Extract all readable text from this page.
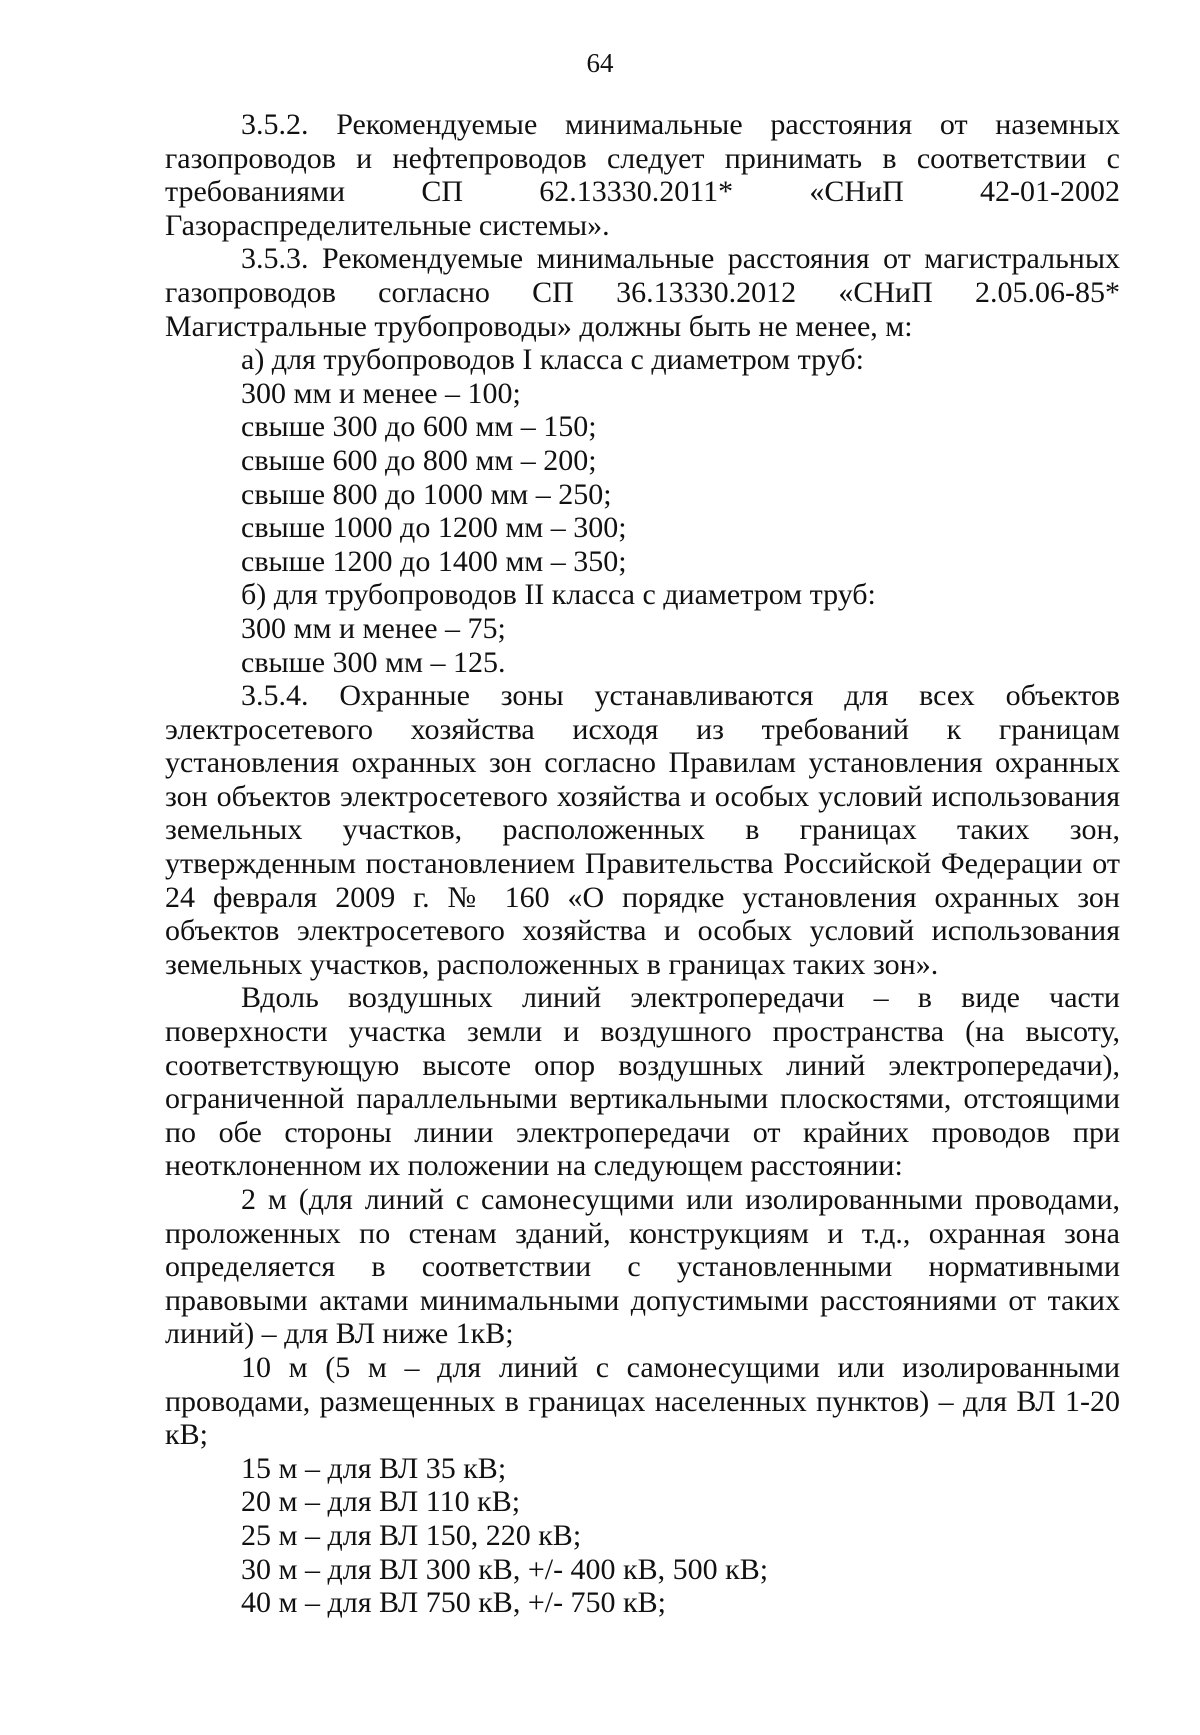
64

3.5.2. Рекомендуемые минимальные расстояния от наземных газопроводов и нефтепроводов следует принимать в соответствии с требованиями СП 62.13330.2011* «СНиП 42-01-2002 Газораспределительные системы».

3.5.3. Рекомендуемые минимальные расстояния от магистральных газопроводов согласно СП 36.13330.2012 «СНиП 2.05.06-85* Магистральные трубопроводы» должны быть не менее, м:

а) для трубопроводов I класса с диаметром труб:

300 мм и менее – 100;

свыше 300 до 600 мм – 150;

свыше 600 до 800 мм – 200;

свыше 800 до 1000 мм – 250;

свыше 1000 до 1200 мм – 300;

свыше 1200 до 1400 мм – 350;

б) для трубопроводов II класса с диаметром труб:

300 мм и менее – 75;

свыше 300 мм – 125.

3.5.4. Охранные зоны устанавливаются для всех объектов электросетевого хозяйства исходя из требований к границам установления охранных зон согласно Правилам установления охранных зон объектов электросетевого хозяйства и особых условий использования земельных участков, расположенных в границах таких зон, утвержденным постановлением Правительства Российской Федерации от 24 февраля 2009 г. № 160 «О порядке установления охранных зон объектов электросетевого хозяйства и особых условий использования земельных участков, расположенных в границах таких зон».

Вдоль воздушных линий электропередачи – в виде части поверхности участка земли и воздушного пространства (на высоту, соответствующую высоте опор воздушных линий электропередачи), ограниченной параллельными вертикальными плоскостями, отстоящими по обе стороны линии электропередачи от крайних проводов при неотклоненном их положении на следующем расстоянии:

2 м (для линий с самонесущими или изолированными проводами, проложенных по стенам зданий, конструкциям и т.д., охранная зона определяется в соответствии с установленными нормативными правовыми актами минимальными допустимыми расстояниями от таких линий) – для ВЛ ниже 1кВ;

10 м (5 м – для линий с самонесущими или изолированными проводами, размещенных в границах населенных пунктов) – для ВЛ 1-20 кВ;

15 м – для ВЛ 35 кВ;

20 м – для ВЛ 110 кВ;

25 м – для ВЛ 150, 220 кВ;

30 м – для ВЛ 300 кВ, +/- 400 кВ, 500 кВ;

40 м – для ВЛ 750 кВ, +/- 750 кВ;
